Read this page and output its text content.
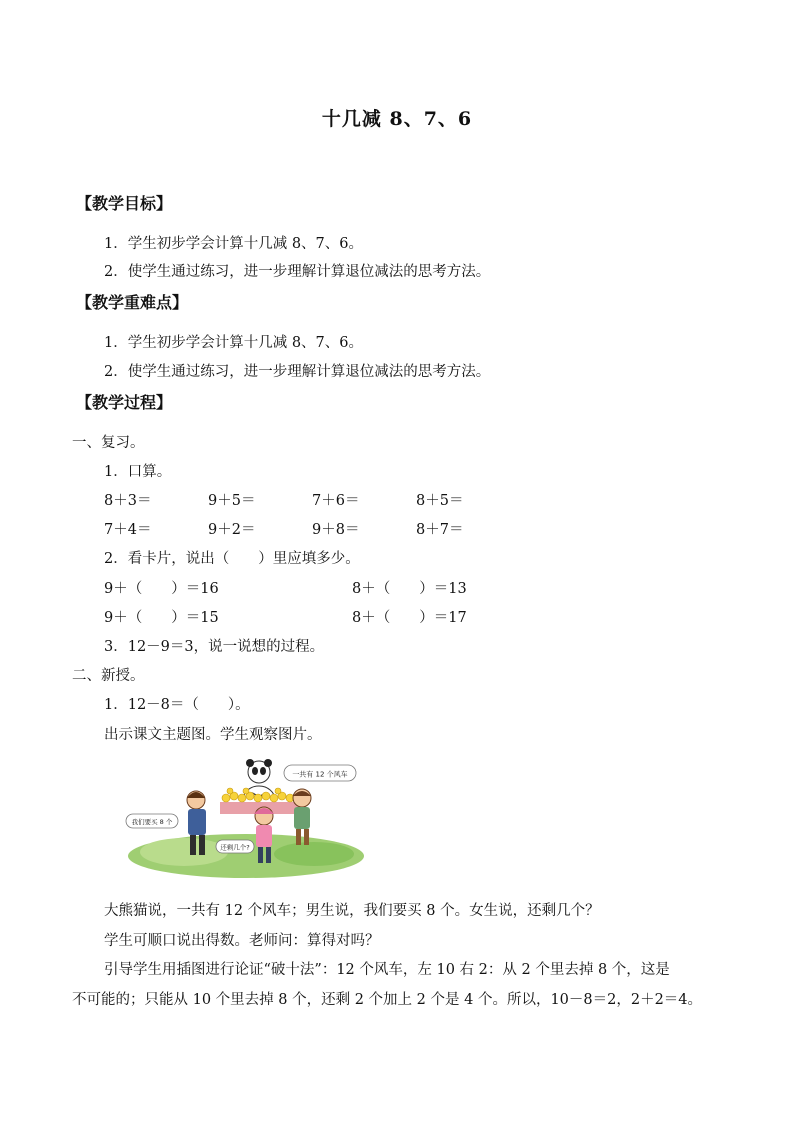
十几减 8、7、6
【教学目标】
1．学生初步学会计算十几减 8、7、6。
2．使学生通过练习，进一步理解计算退位减法的思考方法。
【教学重难点】
1．学生初步学会计算十几减 8、7、6。
2．使学生通过练习，进一步理解计算退位减法的思考方法。
【教学过程】
一、复习。
1．口算。
8＋3＝	9＋5＝	7＋6＝	8＋5＝
7＋4＝	9＋2＝	9＋8＝	8＋7＝
2．看卡片，说出（　　）里应填多少。
9＋（　　）＝16	8＋（　　）＝13
9＋（　　）＝15	8＋（　　）＝17
3．12－9＝3，说一说想的过程。
二、新授。
1．12－8＝（　　）。
出示课文主题图。学生观察图片。
一共有 12 个风车
我们要买 8 个
还剩几个?
大熊猫说，一共有 12 个风车；男生说，我们要买 8 个。女生说，还剩几个？
学生可顺口说出得数。老师问：算得对吗？
引导学生用插图进行论证“破十法”：12 个风车，左 10 右 2：从 2 个里去掉 8 个，这是
不可能的；只能从 10 个里去掉 8 个，还剩 2 个加上 2 个是 4 个。所以，10－8＝2，2＋2＝4。
